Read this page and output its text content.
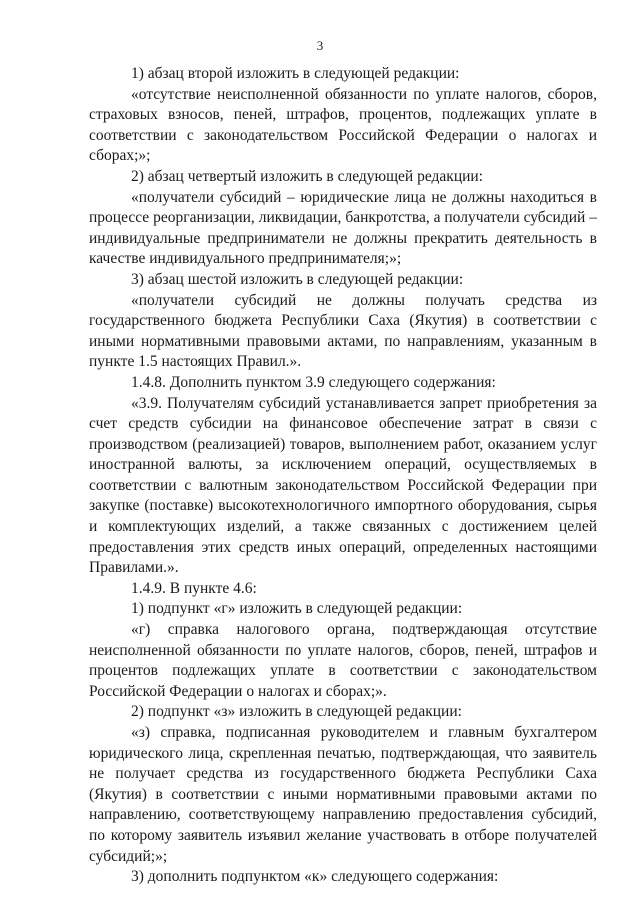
3

1) абзац второй изложить в следующей редакции:

«отсутствие неисполненной обязанности по уплате налогов, сборов, страховых взносов, пеней, штрафов, процентов, подлежащих уплате в соответствии с законодательством Российской Федерации о налогах и сборах;»;

2) абзац четвертый изложить в следующей редакции:

«получатели субсидий – юридические лица не должны находиться в процессе реорганизации, ликвидации, банкротства, а получатели субсидий – индивидуальные предприниматели не должны прекратить деятельность в качестве индивидуального предпринимателя;»;

3) абзац шестой изложить в следующей редакции:

«получатели субсидий не должны получать средства из государственного бюджета Республики Саха (Якутия) в соответствии с иными нормативными правовыми актами, по направлениям, указанным в пункте 1.5 настоящих Правил.».

1.4.8. Дополнить пунктом 3.9 следующего содержания:

«3.9. Получателям субсидий устанавливается запрет приобретения за счет средств субсидии на финансовое обеспечение затрат в связи с производством (реализацией) товаров, выполнением работ, оказанием услуг иностранной валюты, за исключением операций, осуществляемых в соответствии с валютным законодательством Российской Федерации при закупке (поставке) высокотехнологичного импортного оборудования, сырья и комплектующих изделий, а также связанных с достижением целей предоставления этих средств иных операций, определенных настоящими Правилами.».

1.4.9. В пункте 4.6:

1) подпункт «г» изложить в следующей редакции:

«г) справка налогового органа, подтверждающая отсутствие неисполненной обязанности по уплате налогов, сборов, пеней, штрафов и процентов подлежащих уплате в соответствии с законодательством Российской Федерации о налогах и сборах;».

2) подпункт «з» изложить в следующей редакции:

«з) справка, подписанная руководителем и главным бухгалтером юридического лица, скрепленная печатью, подтверждающая, что заявитель не получает средства из государственного бюджета Республики Саха (Якутия) в соответствии с иными нормативными правовыми актами по направлению, соответствующему направлению предоставления субсидий, по которому заявитель изъявил желание участвовать в отборе получателей субсидий;»;

3) дополнить подпунктом «к» следующего содержания:
